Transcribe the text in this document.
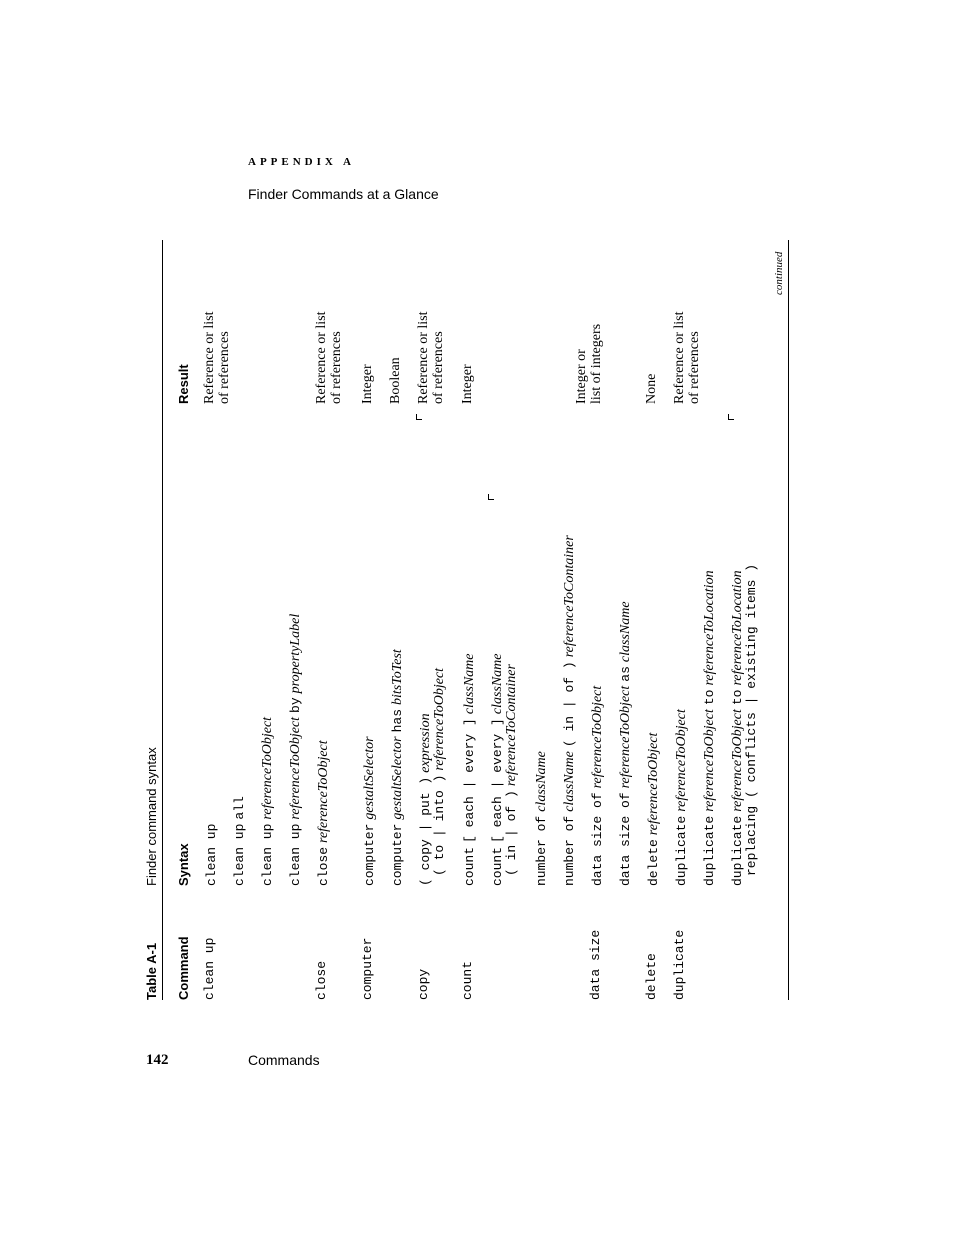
APPENDIX A
Finder Commands at a Glance
142	Commands
continued
Table A-1
Finder command syntax
Command
Syntax
Result
clean up
clean up clean up all
clean up referenceToObject
clean up referenceToObject by propertyLabel
Reference or list
of references
close
close referenceToObject
Reference or list
of references
computer
computer gestaltSelector
Integer
computer gestaltSelector has bitsToTest
Boolean
copy
( copy | put ) expression
( to | into ) referenceToObject
Reference or list
of references
count
count [ each | every ] className
Integer
count [ each | every ] className
( in | of ) referenceToContainer
number of className
number of className ( in | of ) referenceToContainer
Integer or
list of integers
data size
data size of referenceToObject
data size of referenceToObject as className
delete
delete referenceToObject
None
duplicate
duplicate referenceToObject
Reference or list
of references
duplicate referenceToObject to referenceToLocation
duplicate referenceToObject to referenceToLocation replacing ( conflicts | existing items )
